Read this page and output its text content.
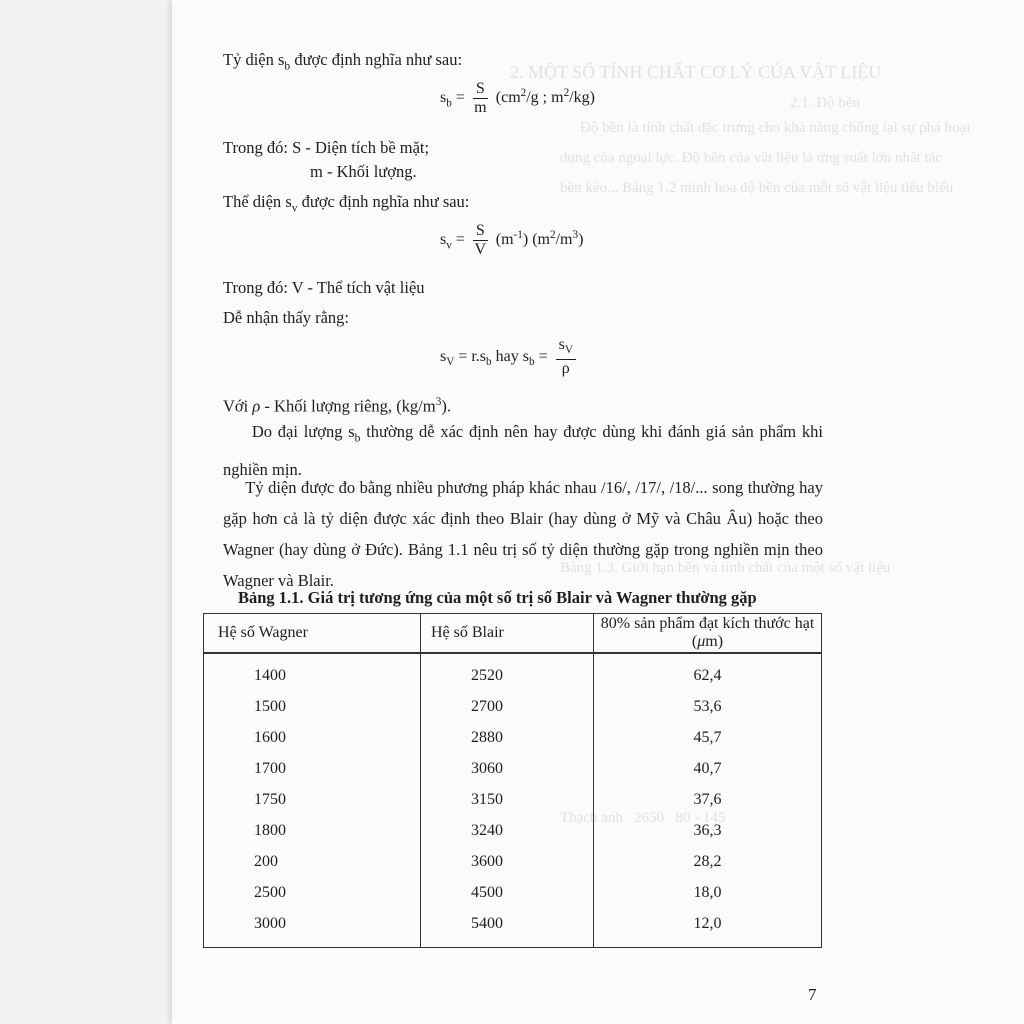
2. MỘT SỐ TÍNH CHẤT CƠ LÝ CỦA VẬT LIỆU
2.1. Độ bền
Độ bền là tính chất đặc trưng cho khả năng chống lại sự phá hoại
dụng của ngoại lực. Độ bền của vật liệu là ứng suất lớn nhất tác
bền kéo... Bảng 1.2 minh họa độ bền của một số vật liệu tiêu biểu
Bảng 1.3. Giới hạn bền và tính chất của một số vật liệu
Thạch anh   2650   80 - 145
Tỷ diện $s_b$ được định nghĩa như sau:
$s_b = \frac{S}{m} (cm^2/g$ ; $m^2/kg$)
Trong đó: S - Diện tích bề mặt;
m - Khối lượng.
Thể diện $s_v$ được định nghĩa như sau:
$s_v = \frac{S}{V} (m^{-1})$ $(m^2/m^3)$
Trong đó: V - Thể tích vật liệu
Dễ nhận thấy rằng:
$s_V = r.s_b$ hay $s_b = \frac{s_V}{\rho}$
Với ρ - Khối lượng riêng, $(kg/m^3)$.
Do đại lượng $s_b$ thường dễ xác định nên hay được dùng khi đánh giá sản phẩm khi nghiền mịn.
Tỷ diện được đo bằng nhiều phương pháp khác nhau /16/, /17/, /18/... song thường hay gặp hơn cả là tỷ diện được xác định theo Blair (hay dùng ở Mỹ và Châu Âu) hoặc theo Wagner (hay dùng ở Đức). Bảng 1.1 nêu trị số tỷ diện thường gặp trong nghiền mịn theo Wagner và Blair.
Bảng 1.1. Giá trị tương ứng của một số trị số Blair và Wagner thường gặp
Hệ số Wagner	Hệ số Blair	80% sản phẩm đạt kích thước hạt (μm)
1400	2520	62,4
1500	2700	53,6
1600	2880	45,7
1700	3060	40,7
1750	3150	37,6
1800	3240	36,3
200	3600	28,2
2500	4500	18,0
3000	5400	12,0
7
